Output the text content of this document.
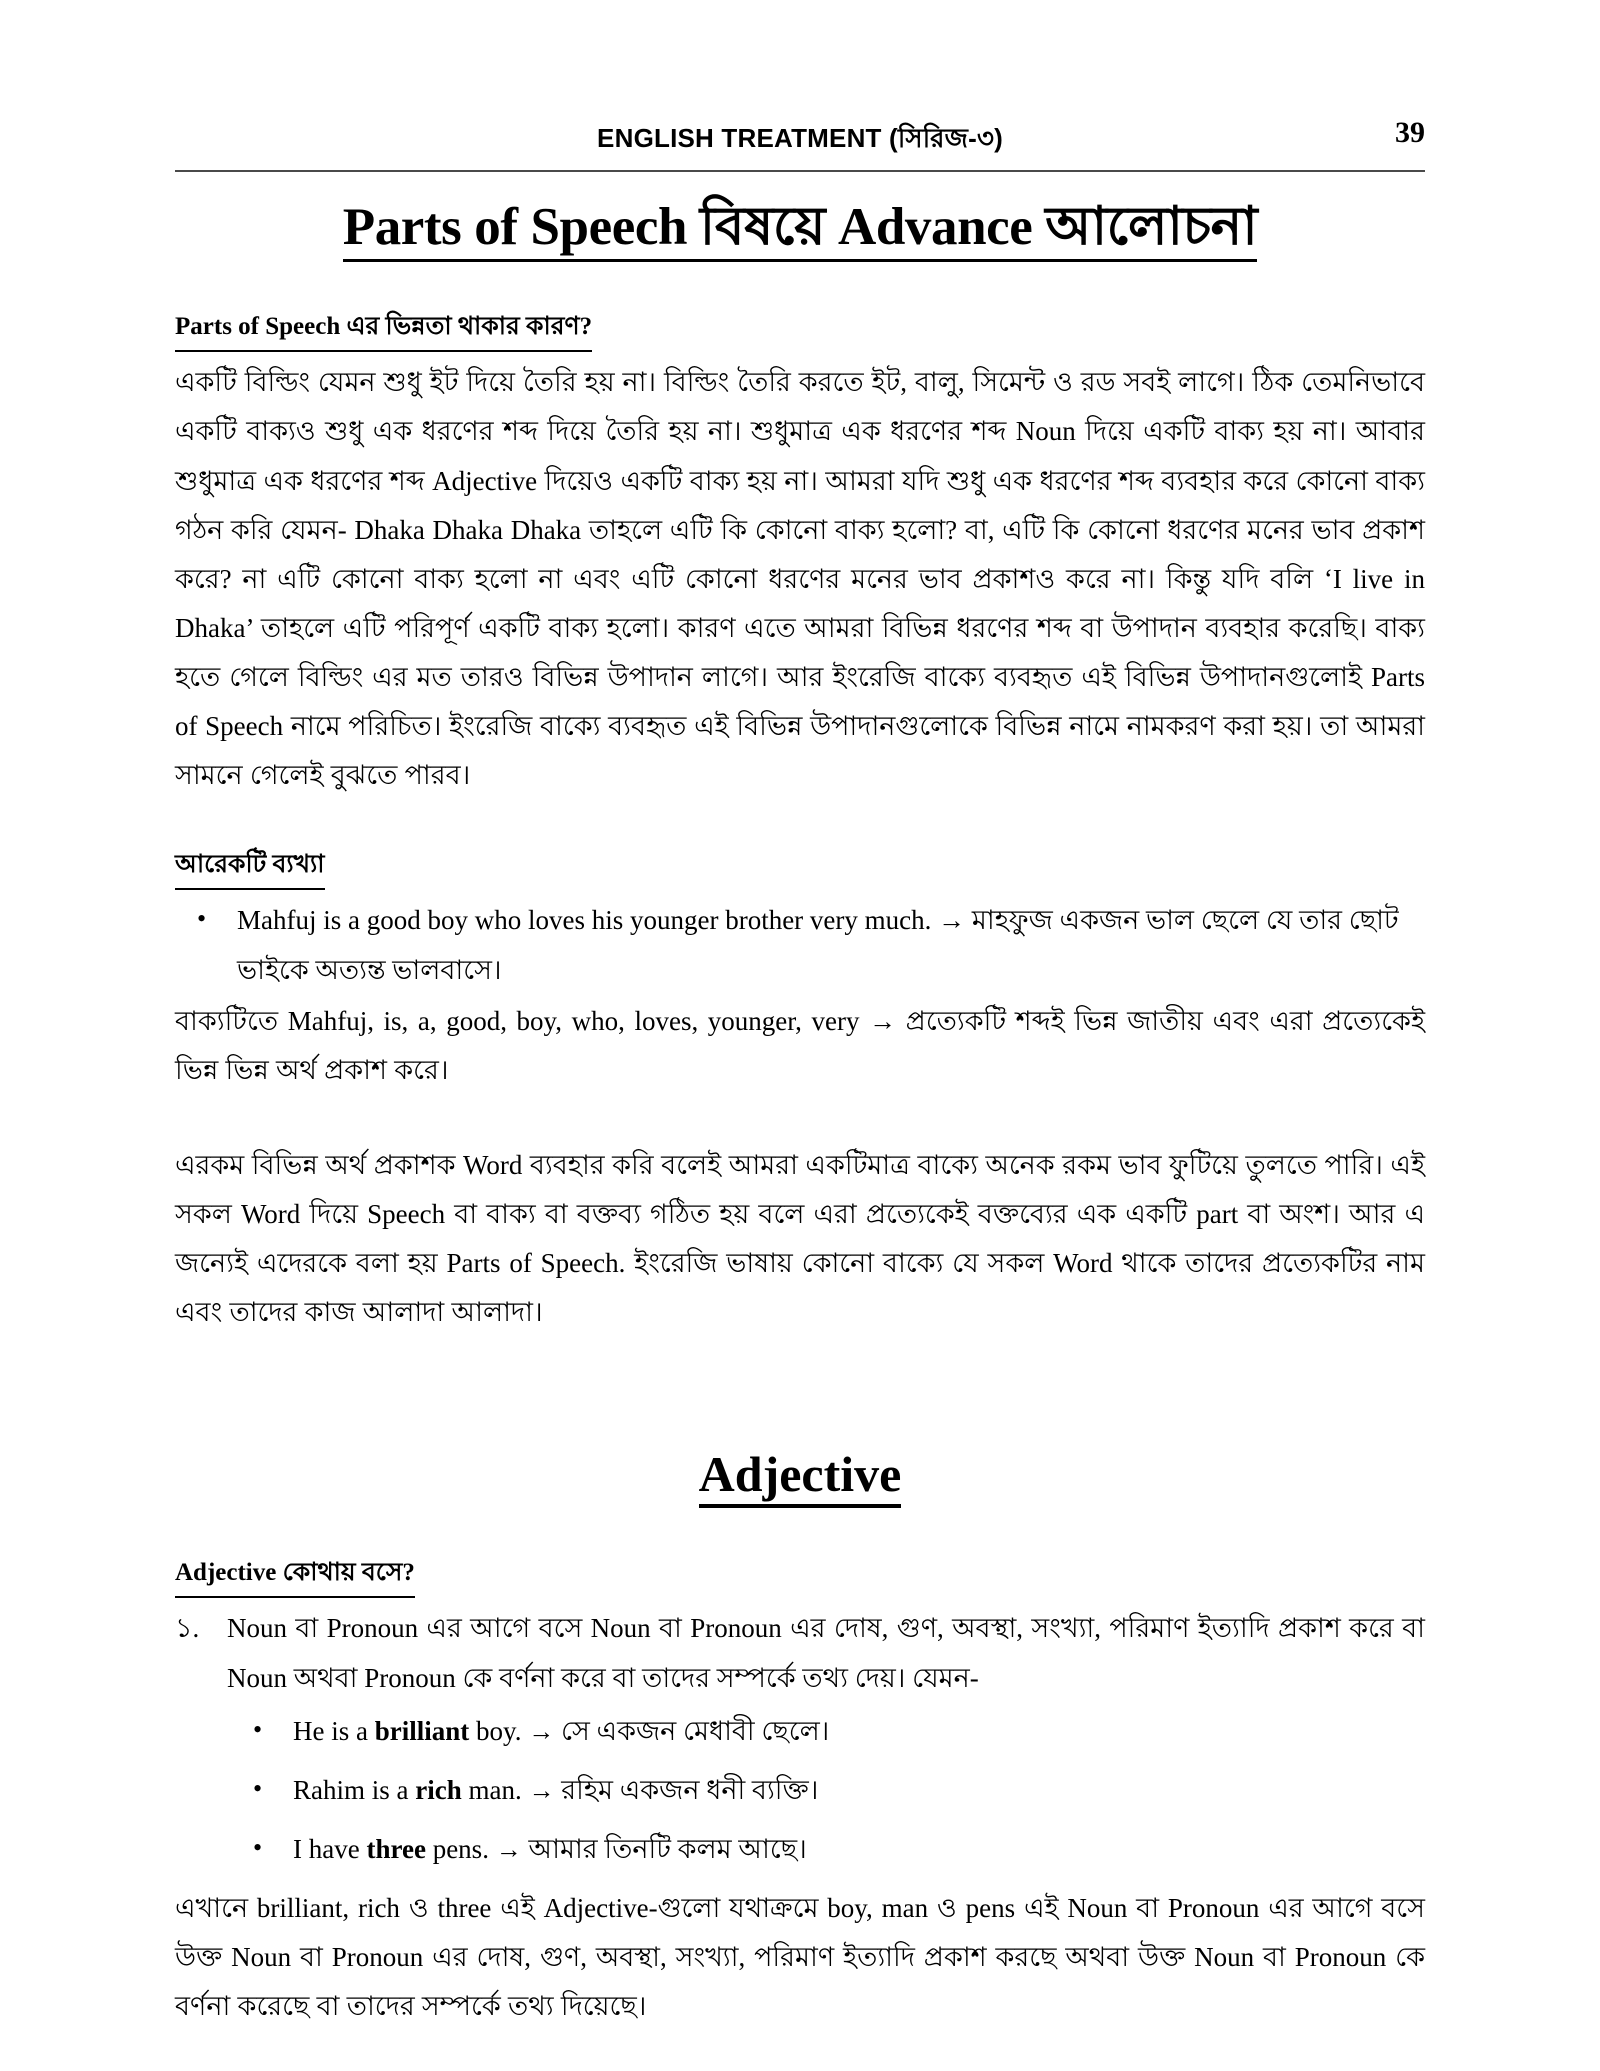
ENGLISH TREATMENT (সিরিজ-৩)	39
Parts of Speech বিষয়ে Advance আলোচনা
Parts of Speech এর ভিন্নতা থাকার কারণ?

একটি বিল্ডিং যেমন শুধু ইট দিয়ে তৈরি হয় না। বিল্ডিং তৈরি করতে ইট, বালু, সিমেন্ট ও রড সবই লাগে। ঠিক তেমনিভাবে একটি বাক্যও শুধু এক ধরণের শব্দ দিয়ে তৈরি হয় না। শুধুমাত্র এক ধরণের শব্দ Noun দিয়ে একটি বাক্য হয় না। আবার শুধুমাত্র এক ধরণের শব্দ Adjective দিয়েও একটি বাক্য হয় না। আমরা যদি শুধু এক ধরণের শব্দ ব্যবহার করে কোনো বাক্য গঠন করি যেমন- Dhaka Dhaka Dhaka তাহলে এটি কি কোনো বাক্য হলো? বা, এটি কি কোনো ধরণের মনের ভাব প্রকাশ করে? না এটি কোনো বাক্য হলো না এবং এটি কোনো ধরণের মনের ভাব প্রকাশও করে না। কিন্তু যদি বলি ‘I live in Dhaka’ তাহলে এটি পরিপূর্ণ একটি বাক্য হলো। কারণ এতে আমরা বিভিন্ন ধরণের শব্দ বা উপাদান ব্যবহার করেছি। বাক্য হতে গেলে বিল্ডিং এর মত তারও বিভিন্ন উপাদান লাগে। আর ইংরেজি বাক্যে ব্যবহৃত এই বিভিন্ন উপাদানগুলোই Parts of Speech নামে পরিচিত। ইংরেজি বাক্যে ব্যবহৃত এই বিভিন্ন উপাদানগুলোকে বিভিন্ন নামে নামকরণ করা হয়। তা আমরা সামনে গেলেই বুঝতে পারব।

আরেকটি ব্যখ্যা
• Mahfuj is a good boy who loves his younger brother very much. → মাহফুজ একজন ভাল ছেলে যে তার ছোট ভাইকে অত্যন্ত ভালবাসে।

বাক্যটিতে Mahfuj, is, a, good, boy, who, loves, younger, very → প্রত্যেকটি শব্দই ভিন্ন জাতীয় এবং এরা প্রত্যেকেই ভিন্ন ভিন্ন অর্থ প্রকাশ করে।

এরকম বিভিন্ন অর্থ প্রকাশক Word ব্যবহার করি বলেই আমরা একটিমাত্র বাক্যে অনেক রকম ভাব ফুটিয়ে তুলতে পারি। এই সকল Word দিয়ে Speech বা বাক্য বা বক্তব্য গঠিত হয় বলে এরা প্রত্যেকেই বক্তব্যের এক একটি part বা অংশ। আর এ জন্যেই এদেরকে বলা হয় Parts of Speech. ইংরেজি ভাষায় কোনো বাক্যে যে সকল Word থাকে তাদের প্রত্যেকটির নাম এবং তাদের কাজ আলাদা আলাদা।

Adjective
Adjective কোথায় বসে?
১. Noun বা Pronoun এর আগে বসে Noun বা Pronoun এর দোষ, গুণ, অবস্থা, সংখ্যা, পরিমাণ ইত্যাদি প্রকাশ করে বা Noun অথবা Pronoun কে বর্ণনা করে বা তাদের সম্পর্কে তথ্য দেয়। যেমন-
• He is a brilliant boy. → সে একজন মেধাবী ছেলে।
• Rahim is a rich man. → রহিম একজন ধনী ব্যক্তি।
• I have three pens. → আমার তিনটি কলম আছে।

এখানে brilliant, rich ও three এই Adjective-গুলো যথাক্রমে boy, man ও pens এই Noun বা Pronoun এর আগে বসে উক্ত Noun বা Pronoun এর দোষ, গুণ, অবস্থা, সংখ্যা, পরিমাণ ইত্যাদি প্রকাশ করছে অথবা উক্ত Noun বা Pronoun কে বর্ণনা করেছে বা তাদের সম্পর্কে তথ্য দিয়েছে।
